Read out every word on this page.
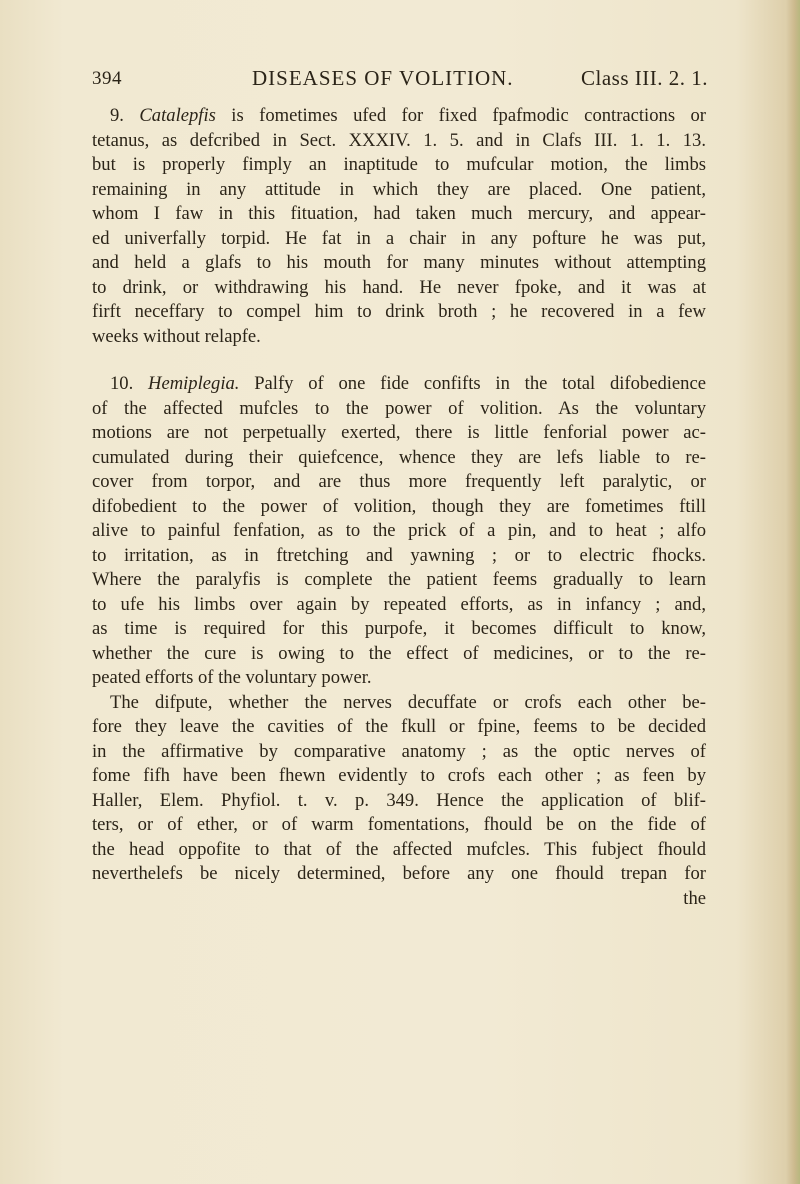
394	DISEASES OF VOLITION.	Class III. 2. 1.
9. Catalepfis is fometimes ufed for fixed fpafmodic contractions or
tetanus, as defcribed in Sect. XXXIV. 1. 5. and in Clafs III. 1. 1. 13.
but is properly fimply an inaptitude to mufcular motion, the limbs
remaining in any attitude in which they are placed. One patient,
whom I faw in this fituation, had taken much mercury, and appear-
ed univerfally torpid. He fat in a chair in any pofture he was put,
and held a glafs to his mouth for many minutes without attempting
to drink, or withdrawing his hand. He never fpoke, and it was at
firft neceffary to compel him to drink broth ; he recovered in a few
weeks without relapfe.
10. Hemiplegia. Palfy of one fide confifts in the total difobedience
of the affected mufcles to the power of volition. As the voluntary
motions are not perpetually exerted, there is little fenforial power ac-
cumulated during their quiefcence, whence they are lefs liable to re-
cover from torpor, and are thus more frequently left paralytic, or
difobedient to the power of volition, though they are fometimes ftill
alive to painful fenfation, as to the prick of a pin, and to heat ; alfo
to irritation, as in ftretching and yawning ; or to electric fhocks.
Where the paralyfis is complete the patient feems gradually to learn
to ufe his limbs over again by repeated efforts, as in infancy ; and,
as time is required for this purpofe, it becomes difficult to know,
whether the cure is owing to the effect of medicines, or to the re-
peated efforts of the voluntary power.
The difpute, whether the nerves decuffate or crofs each other be-
fore they leave the cavities of the fkull or fpine, feems to be decided
in the affirmative by comparative anatomy ; as the optic nerves of
fome fifh have been fhewn evidently to crofs each other ; as feen by
Haller, Elem. Phyfiol. t. v. p. 349. Hence the application of blif-
ters, or of ether, or of warm fomentations, fhould be on the fide of
the head oppofite to that of the affected mufcles. This fubject fhould
neverthelefs be nicely determined, before any one fhould trepan for
the
